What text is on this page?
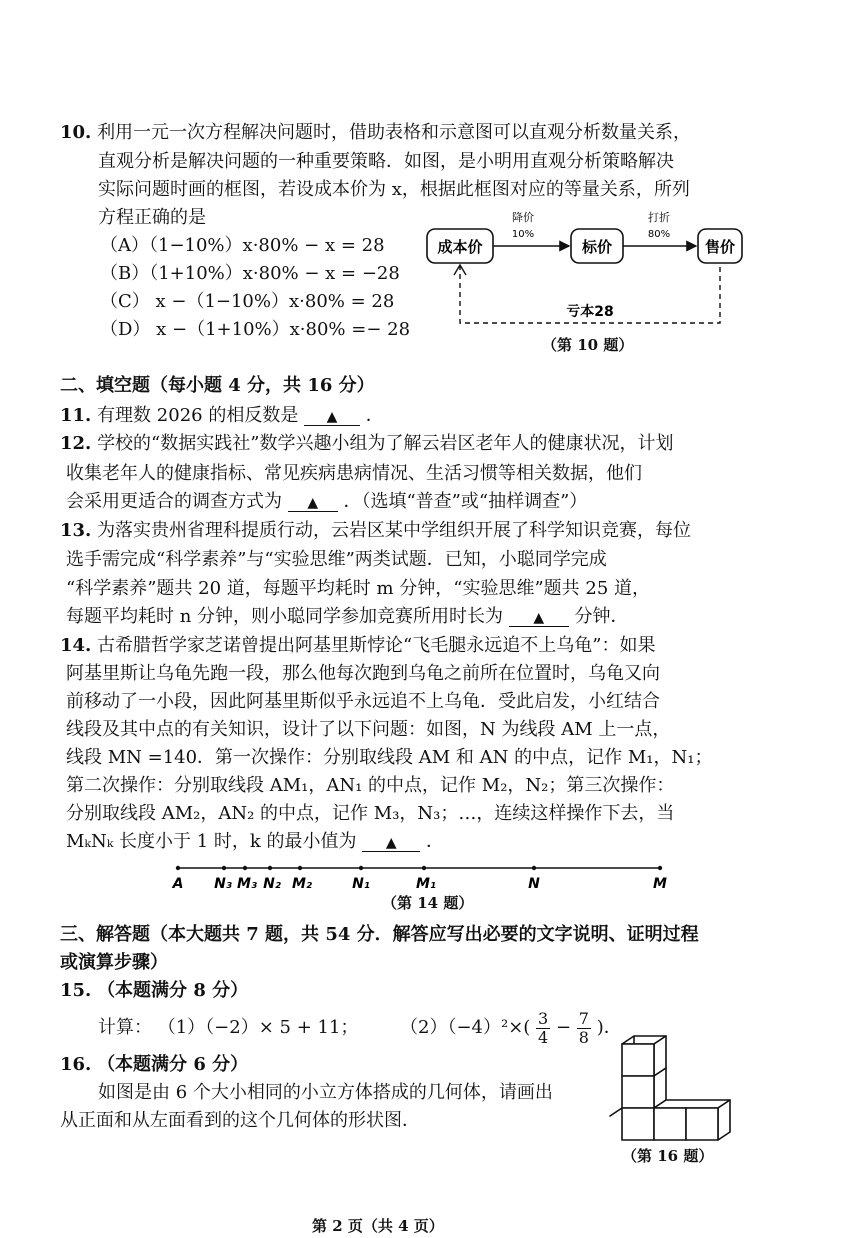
10. 利用一元一次方程解决问题时，借助表格和示意图可以直观分析数量关系，
直观分析是解决问题的一种重要策略．如图，是小明用直观分析策略解决
实际问题时画的框图，若设成本价为 x，根据此框图对应的等量关系，所列
方程正确的是
（A）（1−10%）x·80% − x = 28
（B）（1+10%）x·80% − x = −28
（C） x −（1−10%）x·80% = 28
（D） x −（1+10%）x·80% =− 28
成本价	标价	售价
降价
10%
打折
80%
亏本28
（第 10 题）
二、填空题（每小题 4 分，共 16 分）
11. 有理数 2026 的相反数是 ▲ ．
12. 学校的“数据实践社”数学兴趣小组为了解云岩区老年人的健康状况，计划
收集老年人的健康指标、常见疾病患病情况、生活习惯等相关数据，他们
会采用更适合的调查方式为 ▲ ．（选填“普查”或“抽样调查”）
13. 为落实贵州省理科提质行动，云岩区某中学组织开展了科学知识竞赛，每位
选手需完成“科学素养”与“实验思维”两类试题．已知，小聪同学完成
“科学素养”题共 20 道，每题平均耗时 m 分钟，“实验思维”题共 25 道，
每题平均耗时 n 分钟，则小聪同学参加竞赛所用时长为 ▲ 分钟．
14. 古希腊哲学家芝诺曾提出阿基里斯悖论“飞毛腿永远追不上乌龟”：如果
阿基里斯让乌龟先跑一段，那么他每次跑到乌龟之前所在位置时，乌龟又向
前移动了一小段，因此阿基里斯似乎永远追不上乌龟．受此启发，小红结合
线段及其中点的有关知识，设计了以下问题：如图，N 为线段 AM 上一点，
线段 MN =140．第一次操作：分别取线段 AM 和 AN 的中点，记作 M₁，N₁；
第二次操作：分别取线段 AM₁，AN₁ 的中点，记作 M₂，N₂；第三次操作：
分别取线段 AM₂，AN₂ 的中点，记作 M₃，N₃；…，连续这样操作下去，当
MₖNₖ 长度小于 1 时，k 的最小值为 ▲ ．
A N₃ M₃ N₂ M₂	N₁	M₁	N	M
（第 14 题）
三、解答题（本大题共 7 题，共 54 分．解答应写出必要的文字说明、证明过程
或演算步骤）
15. （本题满分 8 分）
计算： （1）（−2）× 5 + 11； $(2)(-4)^2\times( \frac{3}{4} - \frac{7}{8}$ )．
16. （本题满分 6 分）
如图是由 6 个大小相同的小立方体搭成的几何体，请画出
从正面和从左面看到的这个几何体的形状图．
（第 16 题）
第 2 页（共 4 页）
